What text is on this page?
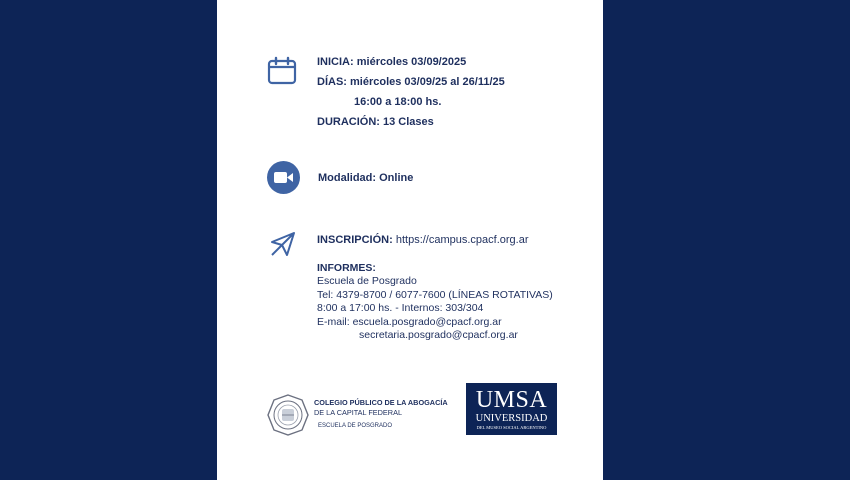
INICIA: miércoles 03/09/2025
DÍAS: miércoles 03/09/25 al 26/11/25
16:00 a 18:00 hs.
DURACIÓN: 13 Clases
Modalidad: Online
INSCRIPCIÓN: https://campus.cpacf.org.ar
INFORMES:
Escuela de Posgrado
Tel: 4379-8700 / 6077-7600 (LÍNEAS ROTATIVAS)
8:00 a 17:00 hs. - Internos: 303/304
E-mail: escuela.posgrado@cpacf.org.ar
secretaria.posgrado@cpacf.org.ar
COLEGIO PÚBLICO DE LA ABOGACÍA
DE LA CAPITAL FEDERAL
ESCUELA DE POSGRADO
UMSA
UNIVERSIDAD
DEL MUSEO SOCIAL ARGENTINO
